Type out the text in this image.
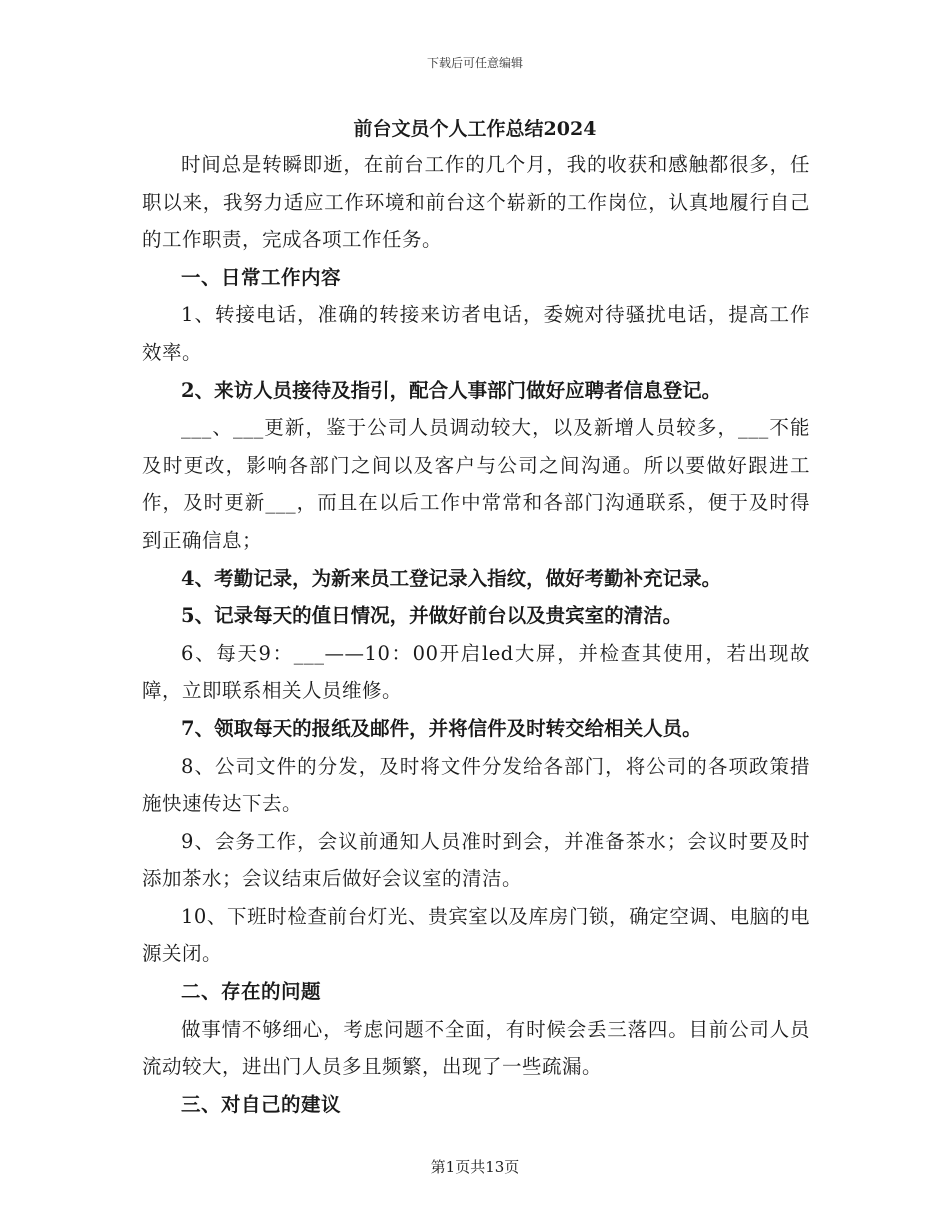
下载后可任意编辑
前台文员个人工作总结2024

时间总是转瞬即逝，在前台工作的几个月，我的收获和感触都很多，任职以来，我努力适应工作环境和前台这个崭新的工作岗位，认真地履行自己的工作职责，完成各项工作任务。

一、日常工作内容

1、转接电话，准确的转接来访者电话，委婉对待骚扰电话，提高工作效率。

2、来访人员接待及指引，配合人事部门做好应聘者信息登记。

___、___更新，鉴于公司人员调动较大，以及新增人员较多，___不能及时更改，影响各部门之间以及客户与公司之间沟通。所以要做好跟进工作，及时更新___，而且在以后工作中常常和各部门沟通联系，便于及时得到正确信息；

4、考勤记录，为新来员工登记录入指纹，做好考勤补充记录。

5、记录每天的值日情况，并做好前台以及贵宾室的清洁。

6、每天9：___——10：00开启led大屏，并检查其使用，若出现故障，立即联系相关人员维修。

7、领取每天的报纸及邮件，并将信件及时转交给相关人员。

8、公司文件的分发，及时将文件分发给各部门，将公司的各项政策措施快速传达下去。

9、会务工作，会议前通知人员准时到会，并准备茶水；会议时要及时添加茶水；会议结束后做好会议室的清洁。

10、下班时检查前台灯光、贵宾室以及库房门锁，确定空调、电脑的电源关闭。

二、存在的问题

做事情不够细心，考虑问题不全面，有时候会丢三落四。目前公司人员流动较大，进出门人员多且频繁，出现了一些疏漏。

三、对自己的建议

第1页共13页
